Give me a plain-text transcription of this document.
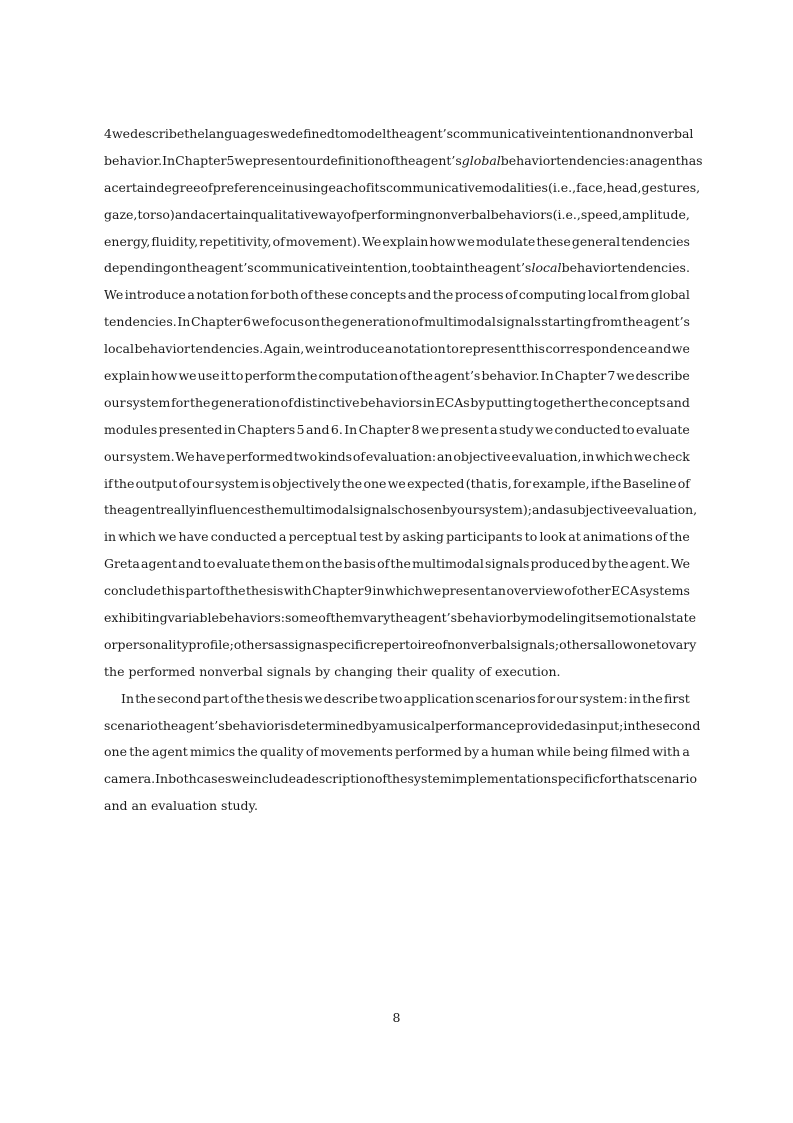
4 we describe the languages we defined to model the agent’s communicative intention and nonverbal
behavior. In Chapter 5 we present our definition of the agent’s global behavior tendencies: an agent has
a certain degree of preference in using each of its communicative modalities (i.e., face, head, gestures,
gaze, torso) and a certain qualitative way of performing nonverbal behaviors (i.e., speed, amplitude,
energy, fluidity, repetitivity, of movement). We explain how we modulate these general tendencies
depending on the agent’s communicative intention, to obtain the agent’s local behavior tendencies.
We introduce a notation for both of these concepts and the process of computing local from global
tendencies. In Chapter 6 we focus on the generation of multimodal signals starting from the agent’s
local behavior tendencies. Again, we introduce a notation to represent this correspondence and we
explain how we use it to perform the computation of the agent’s behavior. In Chapter 7 we describe
our system for the generation of distinctive behaviors in ECAs by putting together the concepts and
modules presented in Chapters 5 and 6. In Chapter 8 we present a study we conducted to evaluate
our system. We have performed two kinds of evaluation: an objective evaluation, in which we check
if the output of our system is objectively the one we expected (that is, for example, if the Baseline of
the agent really influences the multimodal signals chosen by our system); and a subjective evaluation,
in which we have conducted a perceptual test by asking participants to look at animations of the
Greta agent and to evaluate them on the basis of the multimodal signals produced by the agent. We
conclude this part of the thesis with Chapter 9 in which we present an overview of other ECA systems
exhibiting variable behaviors: some of them vary the agent’s behavior by modeling its emotional state
or personality profile; others assign a specific repertoire of nonverbal signals; others allow one to vary
the performed nonverbal signals by changing their quality of execution.
In the second part of the thesis we describe two application scenarios for our system: in the first
scenario the agent’s behavior is determined by a musical performance provided as input; in the second
one the agent mimics the quality of movements performed by a human while being filmed with a
camera. In both cases we include a description of the system implementation specific for that scenario
and an evaluation study.
8
